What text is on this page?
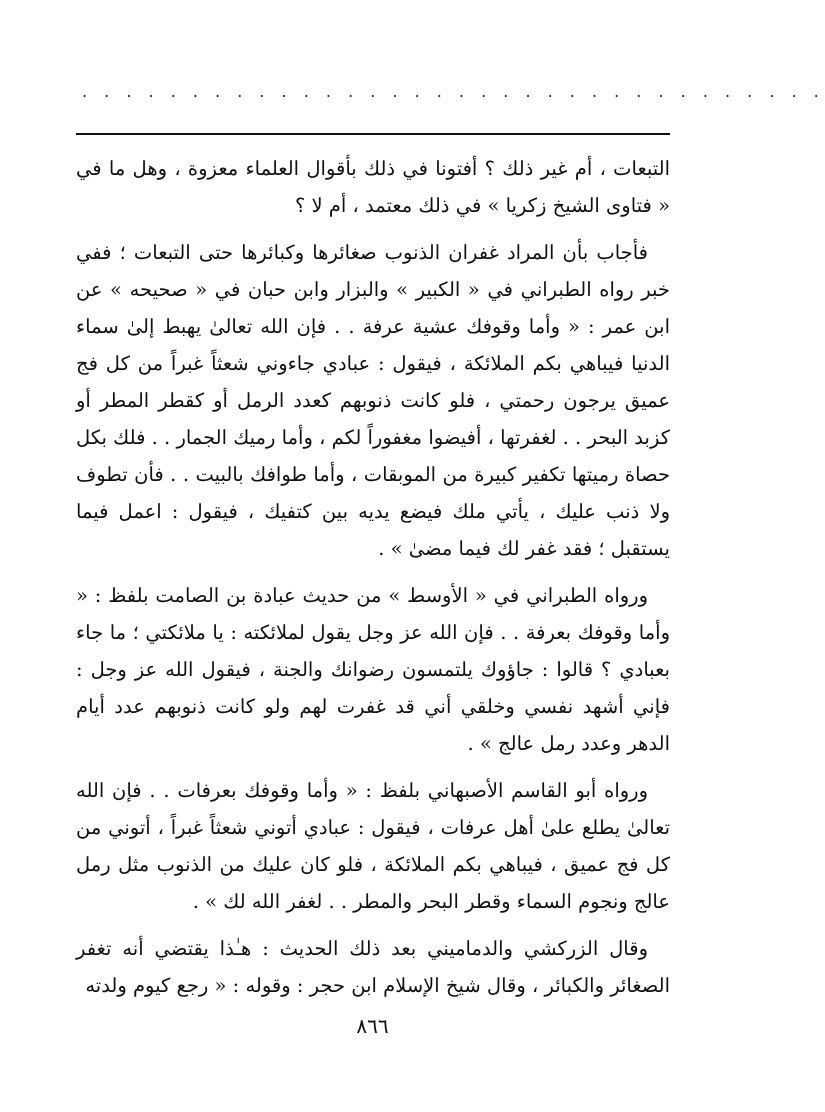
. . . . . . . . . . . . . . . . . . . . . . . . . . . . . . . . . .

التبعات ، أم غير ذلك ؟ أفتونا في ذلك بأقوال العلماء معزوة ، وهل ما في « فتاوى الشيخ زكريا » في ذلك معتمد ، أم لا ؟

فأجاب بأن المراد غفران الذنوب صغائرها وكبائرها حتى التبعات ؛ ففي خبر رواه الطبراني في « الكبير » والبزار وابن حبان في « صحيحه » عن ابن عمر : « وأما وقوفك عشية عرفة . . فإن الله تعالىٰ يهبط إلىٰ سماء الدنيا فيباهي بكم الملائكة ، فيقول : عبادي جاءوني شعثاً غبراً من كل فج عميق يرجون رحمتي ، فلو كانت ذنوبهم كعدد الرمل أو كقطر المطر أو كزبد البحر . . لغفرتها ، أفيضوا مغفوراً لكم ، وأما رميك الجمار . . فلك بكل حصاة رميتها تكفير كبيرة من الموبقات ، وأما طوافك بالبيت . . فأن تطوف ولا ذنب عليك ، يأتي ملك فيضع يديه بين كتفيك ، فيقول : اعمل فيما يستقبل ؛ فقد غفر لك فيما مضىٰ » .

ورواه الطبراني في « الأوسط » من حديث عبادة بن الصامت بلفظ : « وأما وقوفك بعرفة . . فإن الله عز وجل يقول لملائكته : يا ملائكتي ؛ ما جاء بعبادي ؟ قالوا : جاؤوك يلتمسون رضوانك والجنة ، فيقول الله عز وجل : فإني أشهد نفسي وخلقي أني قد غفرت لهم ولو كانت ذنوبهم عدد أيام الدهر وعدد رمل عالج » .

ورواه أبو القاسم الأصبهاني بلفظ : « وأما وقوفك بعرفات . . فإن الله تعالىٰ يطلع علىٰ أهل عرفات ، فيقول : عبادي أتوني شعثاً غبراً ، أتوني من كل فج عميق ، فيباهي بكم الملائكة ، فلو كان عليك من الذنوب مثل رمل عالج ونجوم السماء وقطر البحر والمطر . . لغفر الله لك » .

وقال الزركشي والدماميني بعد ذلك الحديث : هـٰذا يقتضي أنه تغفر الصغائر والكبائر ، وقال شيخ الإسلام ابن حجر : وقوله : « رجع كيوم ولدته

٨٦٦
